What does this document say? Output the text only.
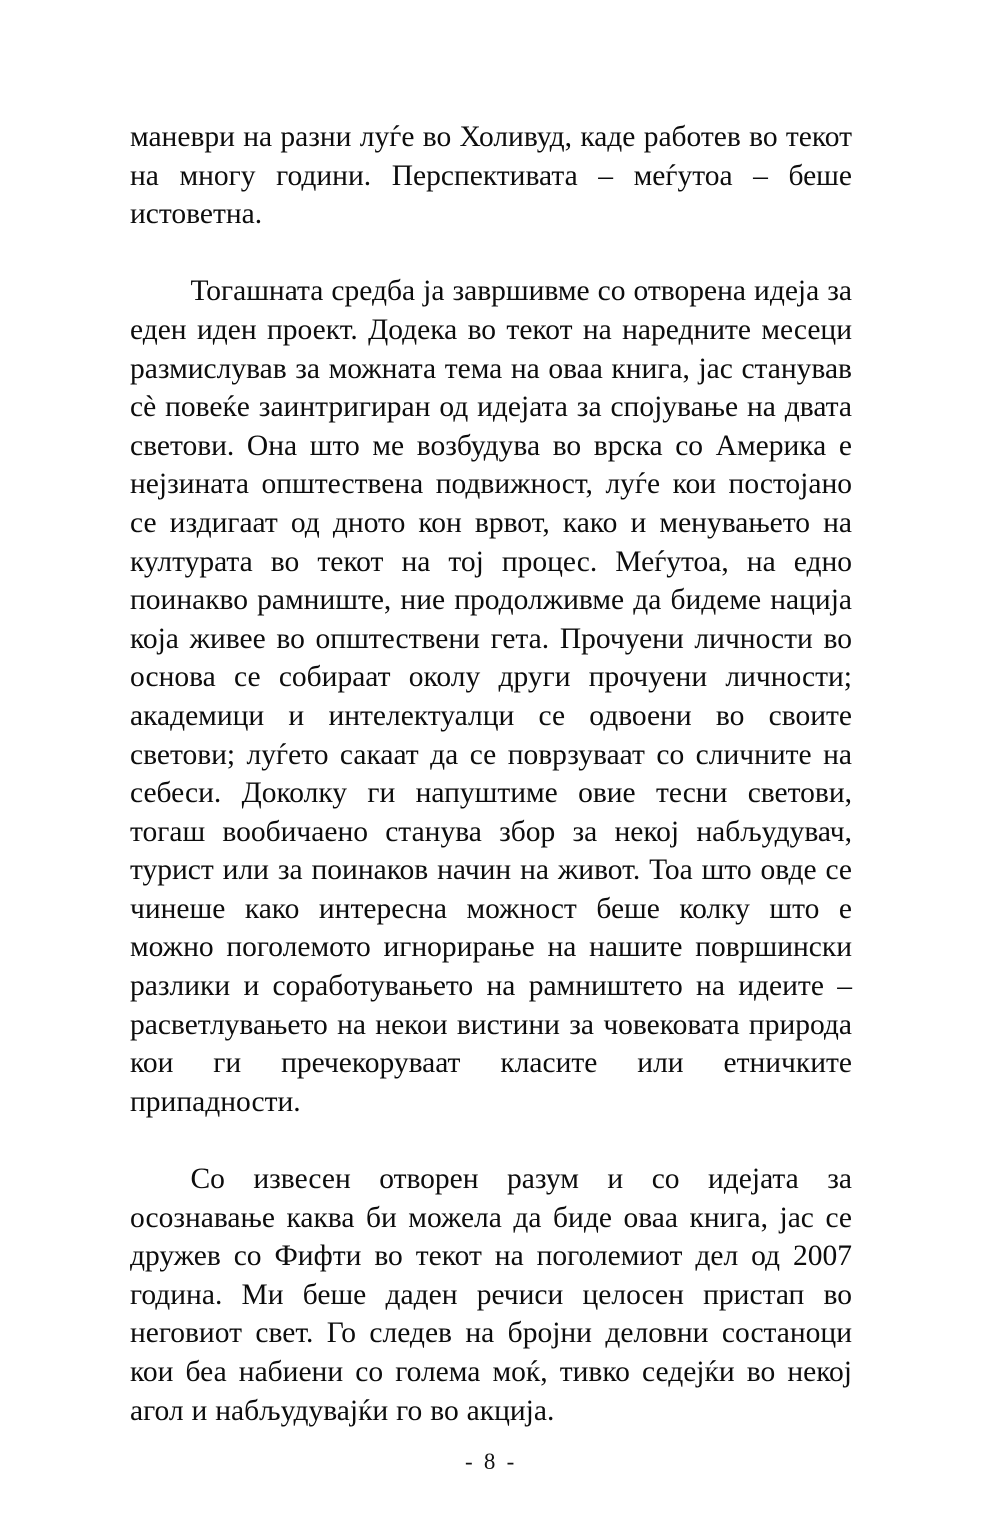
маневри на разни луѓе во Холивуд, каде работев во текот на многу години. Перспективата – меѓутоа – беше истоветна.

Тогашната средба ја завршивме со отворена идеја за еден иден проект. Додека во текот на наредните месеци размислував за можната тема на оваа книга, јас станував сè повеќе заинтригиран од идејата за спојување на двата светови. Она што ме возбудува во врска со Америка е нејзината општествена подвижност, луѓе кои постојано се издигаат од дното кон врвот, како и менувањето на културата во текот на тој процес. Меѓутоа, на едно поинакво рамниште, ние продолживме да бидеме нација која живее во општествени гета. Прочуени личности во основа се собираат околу други прочуени личности; академици и интелектуалци се одвоени во своите светови; луѓето сакаат да се поврзуваат со сличните на себеси. Доколку ги напуштиме овие тесни светови, тогаш вообичаено станува збор за некој набљудувач, турист или за поинаков начин на живот. Тоа што овде се чинеше како интересна можност беше колку што е можно поголемото игнорирање на нашите површински разлики и соработувањето на рамништето на идеите – расветлувањето на некои вистини за човековата природа кои ги пречекоруваат класите или етничките припадности.

Со извесен отворен разум и со идејата за осознавање каква би можела да биде оваа книга, јас се дружев со Фифти во текот на поголемиот дел од 2007 година. Ми беше даден речиси целосен пристап во неговиот свет. Го следев на бројни деловни состаноци кои беа набиени со голема моќ, тивко седејќи во некој агол и набљудувајќи го во акција.

- 8 -
